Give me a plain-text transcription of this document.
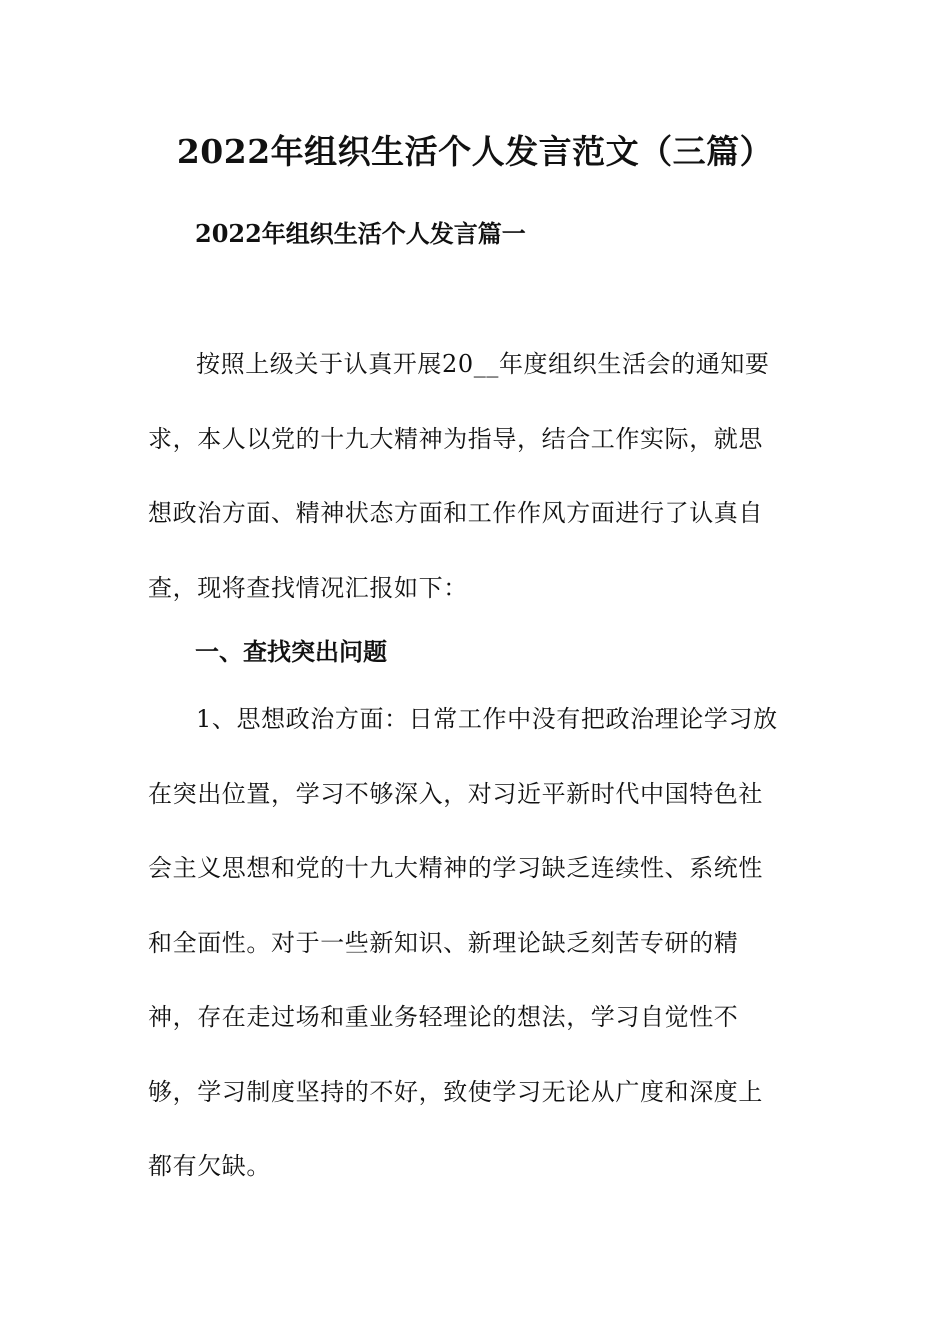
2022年组织生活个人发言范文（三篇）
2022年组织生活个人发言篇一
按照上级关于认真开展20__年度组织生活会的通知要
求，本人以党的十九大精神为指导，结合工作实际，就思
想政治方面、精神状态方面和工作作风方面进行了认真自
查，现将查找情况汇报如下：
一、查找突出问题
1、思想政治方面：日常工作中没有把政治理论学习放
在突出位置，学习不够深入，对习近平新时代中国特色社
会主义思想和党的十九大精神的学习缺乏连续性、系统性
和全面性。对于一些新知识、新理论缺乏刻苦专研的精
神，存在走过场和重业务轻理论的想法，学习自觉性不
够，学习制度坚持的不好，致使学习无论从广度和深度上
都有欠缺。
